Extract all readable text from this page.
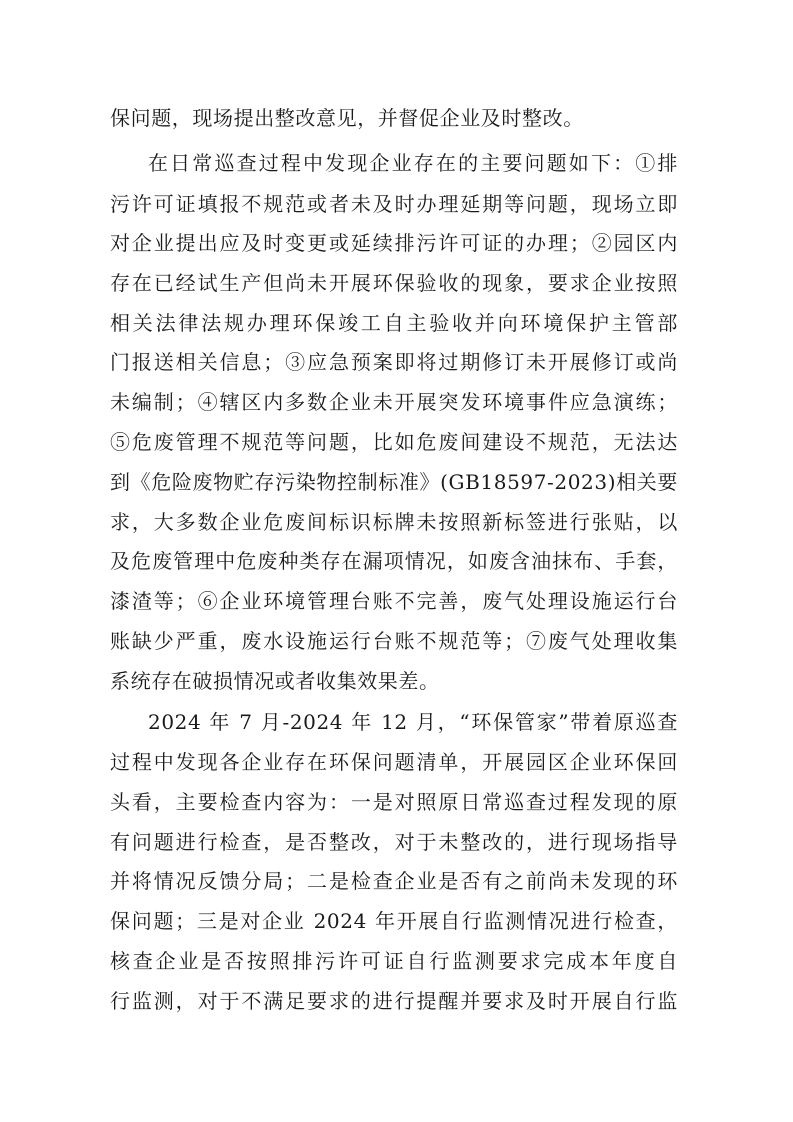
保问题，现场提出整改意见，并督促企业及时整改。
在日常巡查过程中发现企业存在的主要问题如下：①排
污许可证填报不规范或者未及时办理延期等问题，现场立即
对企业提出应及时变更或延续排污许可证的办理；②园区内
存在已经试生产但尚未开展环保验收的现象，要求企业按照
相关法律法规办理环保竣工自主验收并向环境保护主管部
门报送相关信息；③应急预案即将过期修订未开展修订或尚
未编制；④辖区内多数企业未开展突发环境事件应急演练；
⑤危废管理不规范等问题，比如危废间建设不规范，无法达
到《危险废物贮存污染物控制标准》(GB18597-2023)相关要
求，大多数企业危废间标识标牌未按照新标签进行张贴，以
及危废管理中危废种类存在漏项情况，如废含油抹布、手套，
漆渣等；⑥企业环境管理台账不完善，废气处理设施运行台
账缺少严重，废水设施运行台账不规范等；⑦废气处理收集
系统存在破损情况或者收集效果差。
2024 年 7 月-2024 年 12 月，“环保管家”带着原巡查
过程中发现各企业存在环保问题清单，开展园区企业环保回
头看，主要检查内容为：一是对照原日常巡查过程发现的原
有问题进行检查，是否整改，对于未整改的，进行现场指导
并将情况反馈分局；二是检查企业是否有之前尚未发现的环
保问题；三是对企业 2024 年开展自行监测情况进行检查，
核查企业是否按照排污许可证自行监测要求完成本年度自
行监测，对于不满足要求的进行提醒并要求及时开展自行监
